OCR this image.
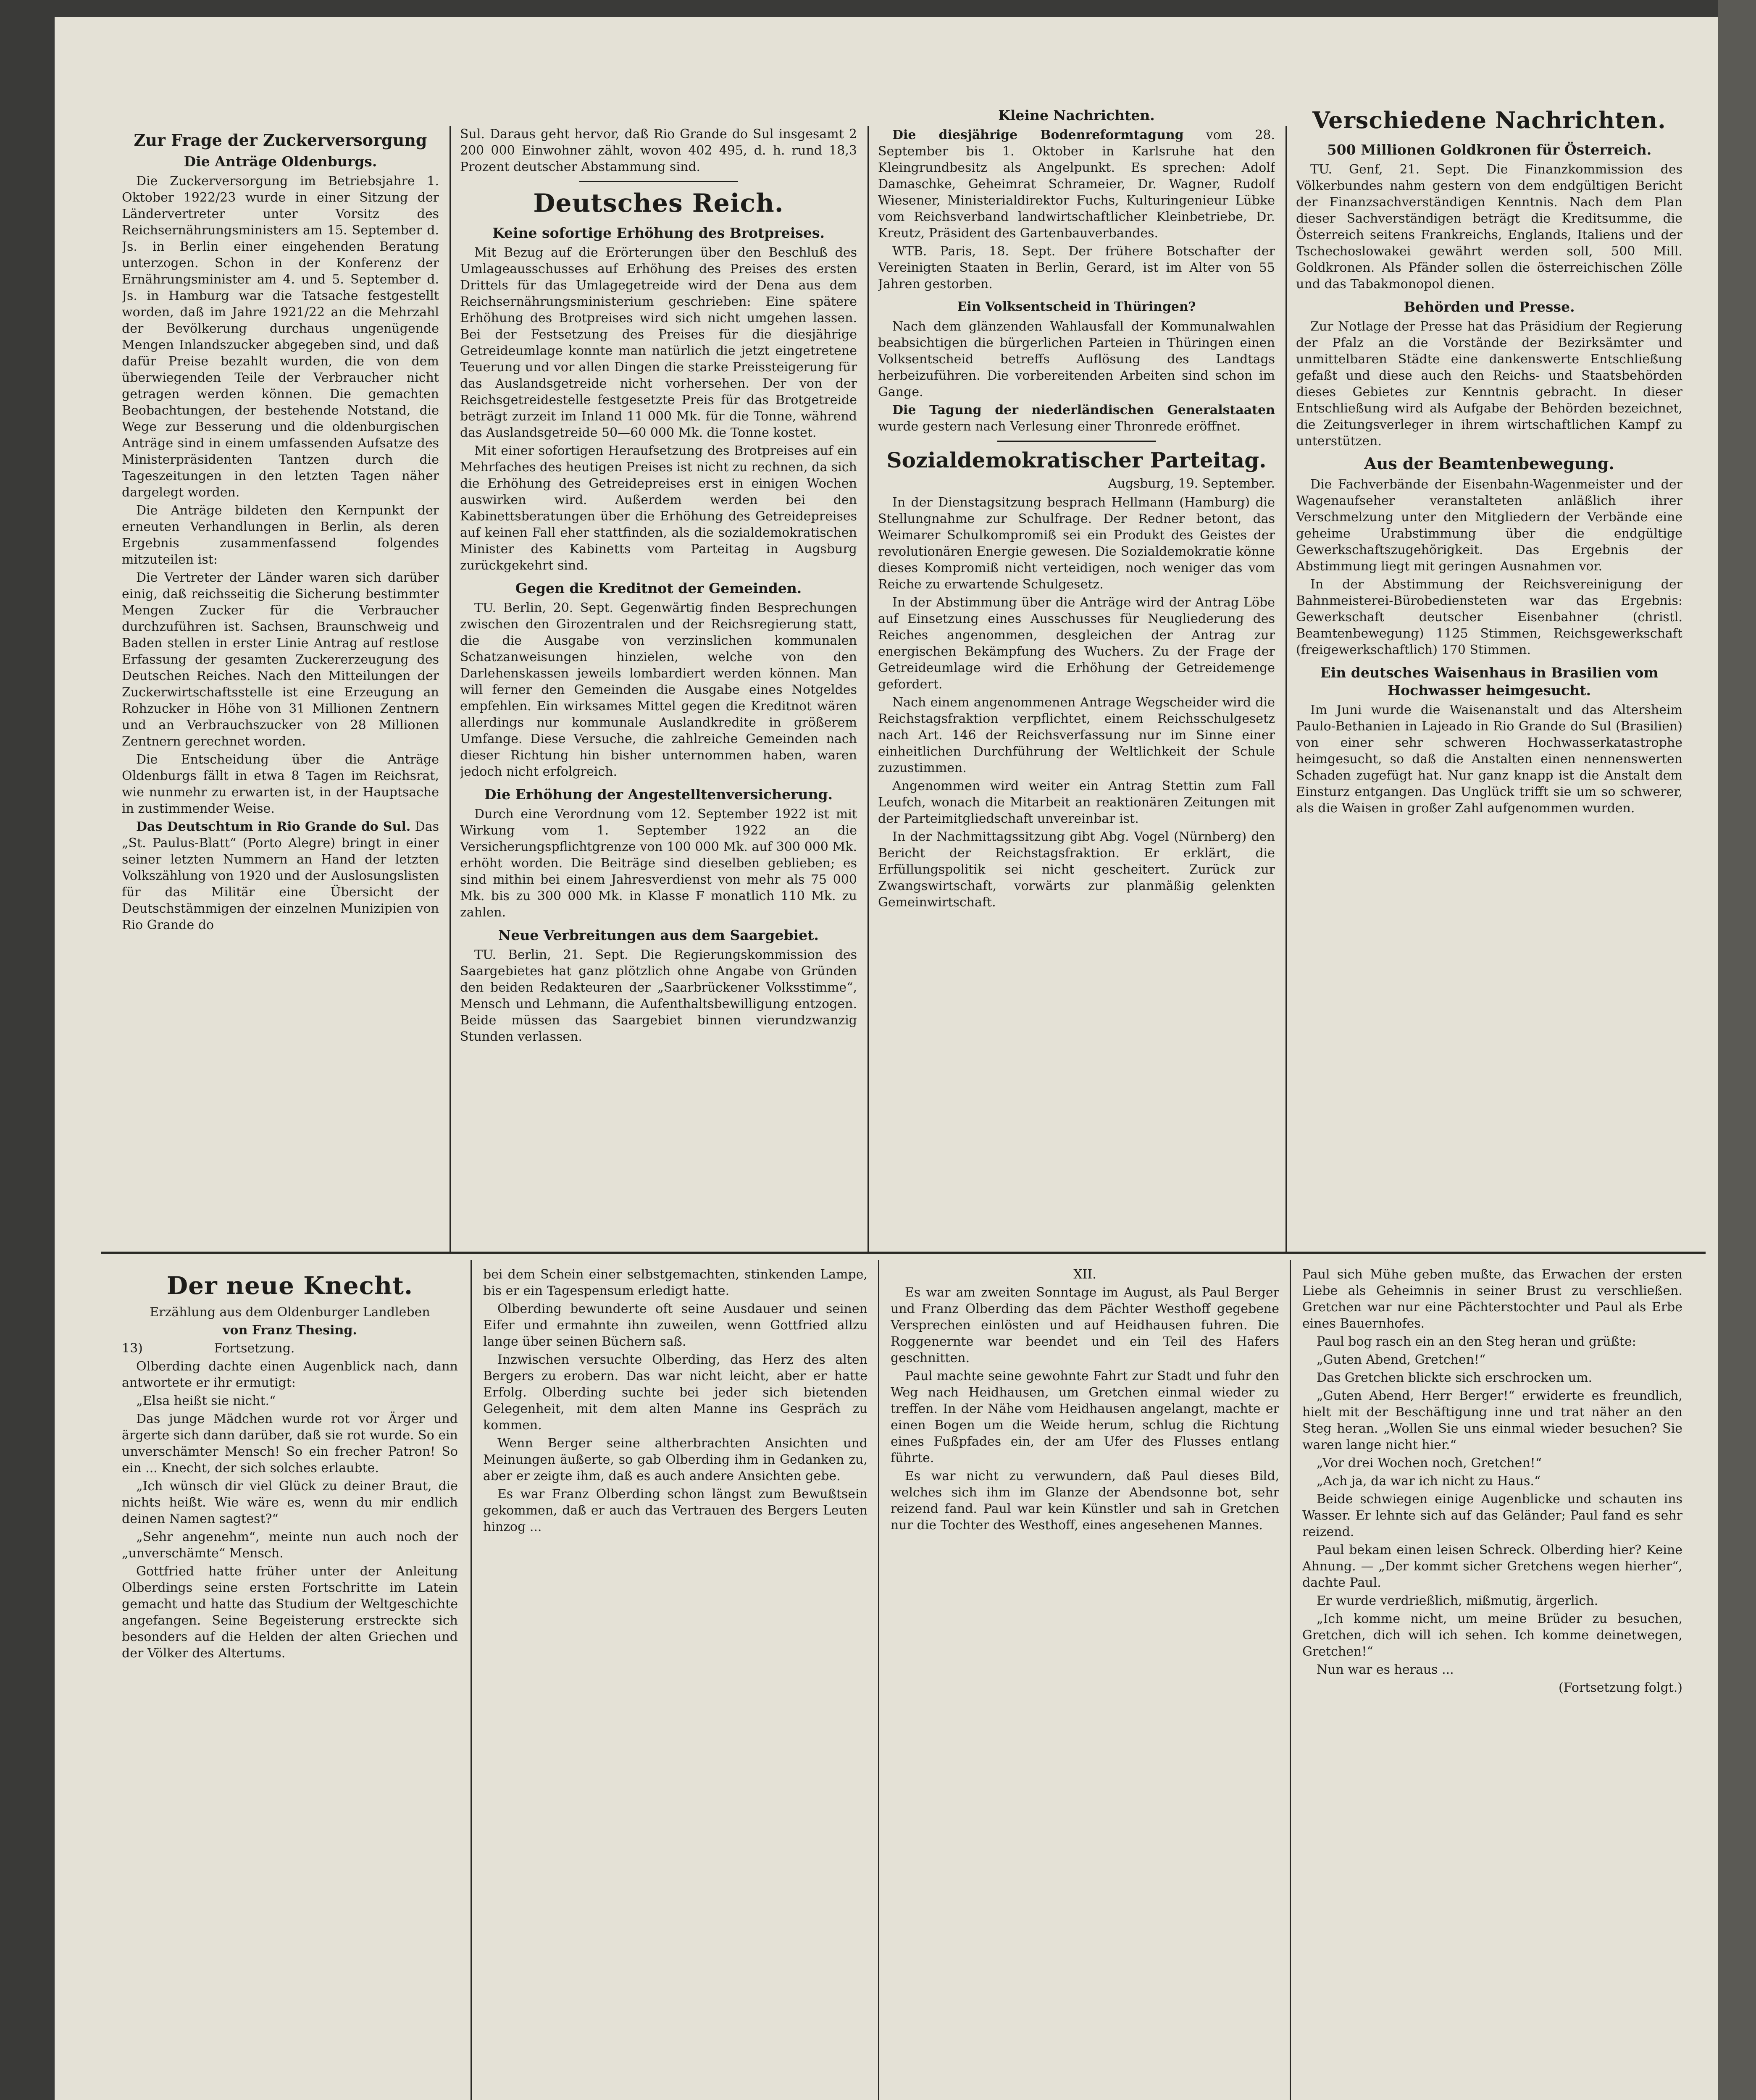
Zur Frage der Zuckerversorgung
Die Anträge Oldenburgs.

Die Zuckerversorgung im Betriebsjahre 1. Oktober 1922/23 wurde in einer Sitzung der Ländervertreter unter Vorsitz des Reichsernährungsministers am 15. September d. Js. in Berlin einer eingehenden Beratung unterzogen. Schon in der Konferenz der Ernährungsminister am 4. und 5. September d. Js. in Hamburg war die Tatsache festgestellt worden, daß im Jahre 1921/22 an die Mehrzahl der Bevölkerung durchaus ungenügende Mengen Inlandszucker abgegeben sind, und daß dafür Preise bezahlt wurden, die von dem überwiegenden Teile der Verbraucher nicht getragen werden können. Die gemachten Beobachtungen, der bestehende Notstand, die Wege zur Besserung und die oldenburgischen Anträge sind in einem umfassenden Aufsatze des Ministerpräsidenten Tantzen durch die Tageszeitungen in den letzten Tagen näher dargelegt worden.

Die Anträge bildeten den Kernpunkt der erneuten Verhandlungen in Berlin, als deren Ergebnis zusammenfassend folgendes mitzuteilen ist:

Die Vertreter der Länder waren sich darüber einig, daß reichsseitig die Sicherung bestimmter Mengen Zucker für die Verbraucher durchzuführen ist. Sachsen, Braunschweig und Baden stellen in erster Linie Antrag auf restlose Erfassung der gesamten Zuckererzeugung des Deutschen Reiches. Nach den Mitteilungen der Zuckerwirtschaftsstelle ist eine Erzeugung an Rohzucker in Höhe von 31 Millionen Zentnern und an Verbrauchszucker von 28 Millionen Zentnern gerechnet worden.

Die Entscheidung über die Anträge Oldenburgs fällt in etwa 8 Tagen im Reichsrat, wie nunmehr zu erwarten ist, in der Hauptsache in zustimmender Weise.

Das Deutschtum in Rio Grande do Sul. Das „St. Paulus-Blatt“ (Porto Alegre) bringt in einer seiner letzten Nummern an Hand der letzten Volkszählung von 1920 und der Auslosungslisten für das Militär eine Übersicht der Deutschstämmigen der einzelnen Munizipien von Rio Grande do

Sul. Daraus geht hervor, daß Rio Grande do Sul insgesamt 2 200 000 Einwohner zählt, wovon 402 495, d. h. rund 18,3 Prozent deutscher Abstammung sind.

Deutsches Reich.
Keine sofortige Erhöhung des Brotpreises.

Mit Bezug auf die Erörterungen über den Beschluß des Umlageausschusses auf Erhöhung des Preises des ersten Drittels für das Umlagegetreide wird der Dena aus dem Reichsernährungsministerium geschrieben: Eine spätere Erhöhung des Brotpreises wird sich nicht umgehen lassen. Bei der Festsetzung des Preises für die diesjährige Getreideumlage konnte man natürlich die jetzt eingetretene Teuerung und vor allen Dingen die starke Preissteigerung für das Auslandsgetreide nicht vorhersehen. Der von der Reichsgetreidestelle festgesetzte Preis für das Brotgetreide beträgt zurzeit im Inland 11 000 Mk. für die Tonne, während das Auslandsgetreide 50—60 000 Mk. die Tonne kostet.

Mit einer sofortigen Heraufsetzung des Brotpreises auf ein Mehrfaches des heutigen Preises ist nicht zu rechnen, da sich die Erhöhung des Getreidepreises erst in einigen Wochen auswirken wird. Außerdem werden bei den Kabinettsberatungen über die Erhöhung des Getreidepreises auf keinen Fall eher stattfinden, als die sozialdemokratischen Minister des Kabinetts vom Parteitag in Augsburg zurückgekehrt sind.

Gegen die Kreditnot der Gemeinden.

TU. Berlin, 20. Sept. Gegenwärtig finden Besprechungen zwischen den Girozentralen und der Reichsregierung statt, die die Ausgabe von verzinslichen kommunalen Schatzanweisungen hinzielen, welche von den Darlehenskassen jeweils lombardiert werden können. Man will ferner den Gemeinden die Ausgabe eines Notgeldes empfehlen. Ein wirksames Mittel gegen die Kreditnot wären allerdings nur kommunale Auslandkredite in größerem Umfange. Diese Versuche, die zahlreiche Gemeinden nach dieser Richtung hin bisher unternommen haben, waren jedoch nicht erfolgreich.

Die Erhöhung der Angestelltenversicherung.

Durch eine Verordnung vom 12. September 1922 ist mit Wirkung vom 1. September 1922 an die Versicherungspflichtgrenze von 100 000 Mk. auf 300 000 Mk. erhöht worden. Die Beiträge sind dieselben geblieben; es sind mithin bei einem Jahresverdienst von mehr als 75 000 Mk. bis zu 300 000 Mk. in Klasse F monatlich 110 Mk. zu zahlen.

Neue Verbreitungen aus dem Saargebiet.

TU. Berlin, 21. Sept. Die Regierungskommission des Saargebietes hat ganz plötzlich ohne Angabe von Gründen den beiden Redakteuren der „Saarbrückener Volksstimme“, Mensch und Lehmann, die Aufenthaltsbewilligung entzogen. Beide müssen das Saargebiet binnen vierundzwanzig Stunden verlassen.

Kleine Nachrichten.

Die diesjährige Bodenreformtagung vom 28. September bis 1. Oktober in Karlsruhe hat den Kleingrundbesitz als Angelpunkt. Es sprechen: Adolf Damaschke, Geheimrat Schrameier, Dr. Wagner, Rudolf Wiesener, Ministerialdirektor Fuchs, Kulturingenieur Lübke vom Reichsverband landwirtschaftlicher Kleinbetriebe, Dr. Kreutz, Präsident des Gartenbauverbandes.

WTB. Paris, 18. Sept. Der frühere Botschafter der Vereinigten Staaten in Berlin, Gerard, ist im Alter von 55 Jahren gestorben.

Ein Volksentscheid in Thüringen?

Nach dem glänzenden Wahlausfall der Kommunalwahlen beabsichtigen die bürgerlichen Parteien in Thüringen einen Volksentscheid betreffs Auflösung des Landtags herbeizuführen. Die vorbereitenden Arbeiten sind schon im Gange.

Die Tagung der niederländischen Generalstaaten wurde gestern nach Verlesung einer Thronrede eröffnet.

Sozialdemokratischer Parteitag.
Augsburg, 19. September.

In der Dienstagsitzung besprach Hellmann (Hamburg) die Stellungnahme zur Schulfrage. Der Redner betont, das Weimarer Schulkompromiß sei ein Produkt des Geistes der revolutionären Energie gewesen. Die Sozialdemokratie könne dieses Kompromiß nicht verteidigen, noch weniger das vom Reiche zu erwartende Schulgesetz.

In der Abstimmung über die Anträge wird der Antrag Löbe auf Einsetzung eines Ausschusses für Neugliederung des Reiches angenommen, desgleichen der Antrag zur energischen Bekämpfung des Wuchers. Zu der Frage der Getreideumlage wird die Erhöhung der Getreidemenge gefordert.

Nach einem angenommenen Antrage Wegscheider wird die Reichstagsfraktion verpflichtet, einem Reichsschulgesetz nach Art. 146 der Reichsverfassung nur im Sinne einer einheitlichen Durchführung der Weltlichkeit der Schule zuzustimmen.

Angenommen wird weiter ein Antrag Stettin zum Fall Leufch, wonach die Mitarbeit an reaktionären Zeitungen mit der Parteimitgliedschaft unvereinbar ist.

In der Nachmittagssitzung gibt Abg. Vogel (Nürnberg) den Bericht der Reichstagsfraktion. Er erklärt, die Erfüllungspolitik sei nicht gescheitert. Zurück zur Zwangswirtschaft, vorwärts zur planmäßig gelenkten Gemeinwirtschaft.

Verschiedene Nachrichten.
500 Millionen Goldkronen für Österreich.

TU. Genf, 21. Sept. Die Finanzkommission des Völkerbundes nahm gestern von dem endgültigen Bericht der Finanzsachverständigen Kenntnis. Nach dem Plan dieser Sachverständigen beträgt die Kreditsumme, die Österreich seitens Frankreichs, Englands, Italiens und der Tschechoslowakei gewährt werden soll, 500 Mill. Goldkronen. Als Pfänder sollen die österreichischen Zölle und das Tabakmonopol dienen.

Behörden und Presse.

Zur Notlage der Presse hat das Präsidium der Regierung der Pfalz an die Vorstände der Bezirksämter und unmittelbaren Städte eine dankenswerte Entschließung gefaßt und diese auch den Reichs- und Staatsbehörden dieses Gebietes zur Kenntnis gebracht. In dieser Entschließung wird als Aufgabe der Behörden bezeichnet, die Zeitungsverleger in ihrem wirtschaftlichen Kampf zu unterstützen.

Aus der Beamtenbewegung.

Die Fachverbände der Eisenbahn-Wagenmeister und der Wagenaufseher veranstalteten anläßlich ihrer Verschmelzung unter den Mitgliedern der Verbände eine geheime Urabstimmung über die endgültige Gewerkschaftszugehörigkeit. Das Ergebnis der Abstimmung liegt mit geringen Ausnahmen vor.

In der Abstimmung der Reichsvereinigung der Bahnmeisterei-Bürobediensteten war das Ergebnis: Gewerkschaft deutscher Eisenbahner (christl. Beamtenbewegung) 1125 Stimmen, Reichsgewerkschaft (freigewerkschaftlich) 170 Stimmen.

Ein deutsches Waisenhaus in Brasilien vom Hochwasser heimgesucht.

Im Juni wurde die Waisenanstalt und das Altersheim Paulo-Bethanien in Lajeado in Rio Grande do Sul (Brasilien) von einer sehr schweren Hochwasserkatastrophe heimgesucht, so daß die Anstalten einen nennenswerten Schaden zugefügt hat. Nur ganz knapp ist die Anstalt dem Einsturz entgangen. Das Unglück trifft sie um so schwerer, als die Waisen in großer Zahl aufgenommen wurden.

Der neue Knecht.

Erzählung aus dem Oldenburger Landleben

von Franz Thesing.

13)	Fortsetzung.

Olberding dachte einen Augenblick nach, dann antwortete er ihr ermutigt:

„Elsa heißt sie nicht.“

Das junge Mädchen wurde rot vor Ärger und ärgerte sich dann darüber, daß sie rot wurde. So ein unverschämter Mensch! So ein frecher Patron! So ein ... Knecht, der sich solches erlaubte.

„Ich wünsch dir viel Glück zu deiner Braut, die nichts heißt. Wie wäre es, wenn du mir endlich deinen Namen sagtest?“

„Sehr angenehm“, meinte nun auch noch der „unverschämte“ Mensch.

Gottfried hatte früher unter der Anleitung Olberdings seine ersten Fortschritte im Latein gemacht und hatte das Studium der Weltgeschichte angefangen. Seine Begeisterung erstreckte sich besonders auf die Helden der alten Griechen und der Völker des Altertums.

bei dem Schein einer selbstgemachten, stinkenden Lampe, bis er ein Tagespensum erledigt hatte.

Olberding bewunderte oft seine Ausdauer und seinen Eifer und ermahnte ihn zuweilen, wenn Gottfried allzu lange über seinen Büchern saß.

Inzwischen versuchte Olberding, das Herz des alten Bergers zu erobern. Das war nicht leicht, aber er hatte Erfolg. Olberding suchte bei jeder sich bietenden Gelegenheit, mit dem alten Manne ins Gespräch zu kommen.

Wenn Berger seine altherbrachten Ansichten und Meinungen äußerte, so gab Olberding ihm in Gedanken zu, aber er zeigte ihm, daß es auch andere Ansichten gebe.

Es war Franz Olberding schon längst zum Bewußtsein gekommen, daß er auch das Vertrauen des Bergers Leuten hinzog ...

XII.

Es war am zweiten Sonntage im August, als Paul Berger und Franz Olberding das dem Pächter Westhoff gegebene Versprechen einlösten und auf Heidhausen fuhren. Die Roggenernte war beendet und ein Teil des Hafers geschnitten.

Paul machte seine gewohnte Fahrt zur Stadt und fuhr den Weg nach Heidhausen, um Gretchen einmal wieder zu treffen. In der Nähe vom Heidhausen angelangt, machte er einen Bogen um die Weide herum, schlug die Richtung eines Fußpfades ein, der am Ufer des Flusses entlang führte.

Es war nicht zu verwundern, daß Paul dieses Bild, welches sich ihm im Glanze der Abendsonne bot, sehr reizend fand. Paul war kein Künstler und sah in Gretchen nur die Tochter des Westhoff, eines angesehenen Mannes.

Paul sich Mühe geben mußte, das Erwachen der ersten Liebe als Geheimnis in seiner Brust zu verschließen. Gretchen war nur eine Pächterstochter und Paul als Erbe eines Bauernhofes.

Paul bog rasch ein an den Steg heran und grüßte:

„Guten Abend, Gretchen!“

Das Gretchen blickte sich erschrocken um.

„Guten Abend, Herr Berger!“ erwiderte es freundlich, hielt mit der Beschäftigung inne und trat näher an den Steg heran. „Wollen Sie uns einmal wieder besuchen? Sie waren lange nicht hier.“

„Vor drei Wochen noch, Gretchen!“

„Ach ja, da war ich nicht zu Haus.“

Beide schwiegen einige Augenblicke und schauten ins Wasser. Er lehnte sich auf das Geländer; Paul fand es sehr reizend.

Paul bekam einen leisen Schreck. Olberding hier? Keine Ahnung. — „Der kommt sicher Gretchens wegen hierher“, dachte Paul.

Er wurde verdrießlich, mißmutig, ärgerlich.

„Ich komme nicht, um meine Brüder zu besuchen, Gretchen, dich will ich sehen. Ich komme deinetwegen, Gretchen!“

Nun war es heraus ...

(Fortsetzung folgt.)
